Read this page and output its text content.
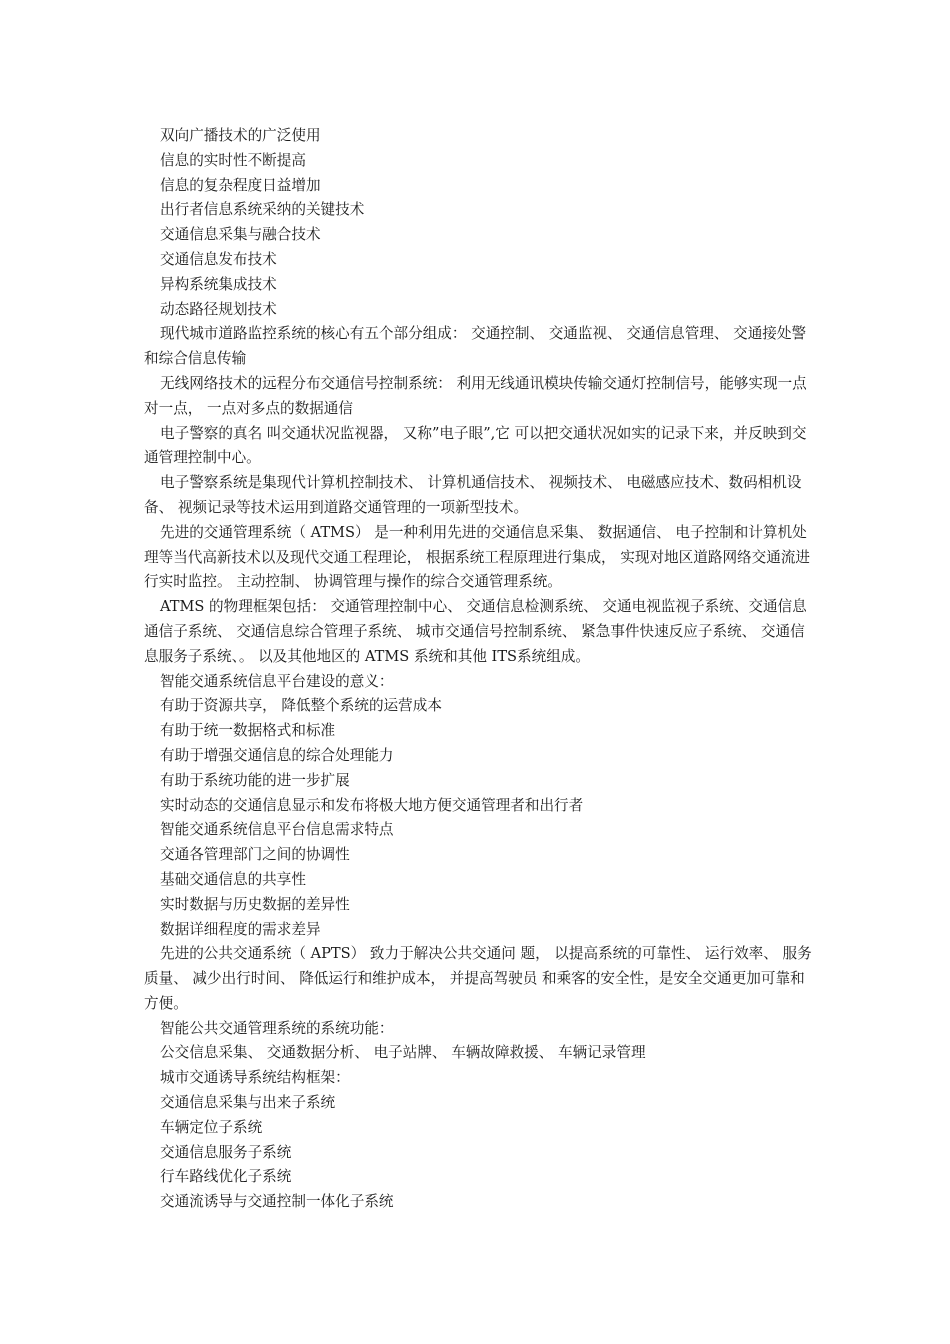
双向广播技术的广泛使用

信息的实时性不断提高

信息的复杂程度日益增加

出行者信息系统采纳的关键技术

交通信息采集与融合技术

交通信息发布技术

异构系统集成技术

动态路径规划技术

现代城市道路监控系统的核心有五个部分组成： 交通控制、 交通监视、 交通信息管理、 交通接处警和综合信息传输

无线网络技术的远程分布交通信号控制系统： 利用无线通讯模块传输交通灯控制信号，能够实现一点对一点， 一点对多点的数据通信

电子警察的真名 叫交通状况监视器， 又称”电子眼”,它 可以把交通状况如实的记录下来，并反映到交通管理控制中心。

电子警察系统是集现代计算机控制技术、 计算机通信技术、 视频技术、 电磁感应技术、数码相机设备、 视频记录等技术运用到道路交通管理的一项新型技术。

先进的交通管理系统（ ATMS） 是一种利用先进的交通信息采集、 数据通信、 电子控制和计算机处理等当代高新技术以及现代交通工程理论， 根据系统工程原理进行集成， 实现对地区道路网络交通流进行实时监控。 主动控制、 协调管理与操作的综合交通管理系统。

ATMS 的物理框架包括： 交通管理控制中心、 交通信息检测系统、 交通电视监视子系统、交通信息通信子系统、 交通信息综合管理子系统、 城市交通信号控制系统、 紧急事件快速反应子系统、 交通信息服务子系统、。 以及其他地区的 ATMS 系统和其他 ITS系统组成。

智能交通系统信息平台建设的意义：

有助于资源共享， 降低整个系统的运营成本

有助于统一数据格式和标准

有助于增强交通信息的综合处理能力

有助于系统功能的进一步扩展

实时动态的交通信息显示和发布将极大地方便交通管理者和出行者

智能交通系统信息平台信息需求特点

交通各管理部门之间的协调性

基础交通信息的共享性

实时数据与历史数据的差异性

数据详细程度的需求差异

先进的公共交通系统（ APTS） 致力于解决公共交通问 题， 以提高系统的可靠性、 运行效率、 服务质量、 减少出行时间、 降低运行和维护成本， 并提高驾驶员 和乘客的安全性，是安全交通更加可靠和方便。

智能公共交通管理系统的系统功能：

公交信息采集、 交通数据分析、 电子站牌、 车辆故障救援、 车辆记录管理

城市交通诱导系统结构框架：

交通信息采集与出来子系统

车辆定位子系统

交通信息服务子系统

行车路线优化子系统

交通流诱导与交通控制一体化子系统
